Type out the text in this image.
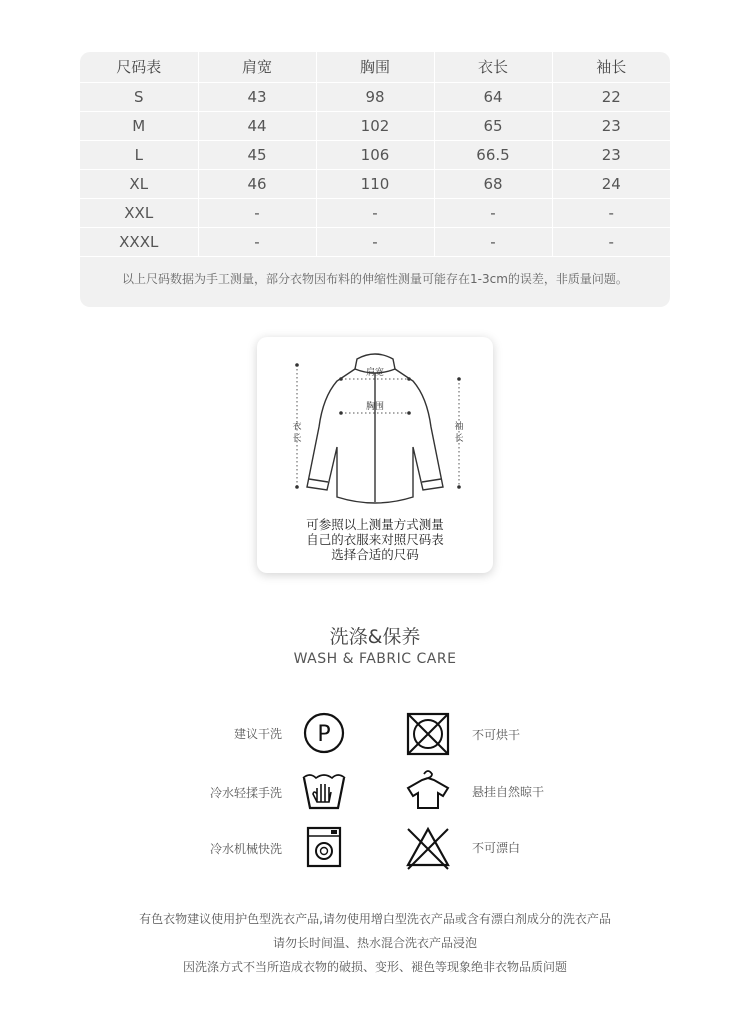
尺码表	肩宽	胸围	衣长	袖长
S	43	98	64	22
M	44	102	65	23
L	45	106	66.5	23
XL	46	110	68	24
XXL	-	-	-	-
XXXL	-	-	-	-
以上尺码数据为手工测量，部分衣物因布料的伸缩性测量可能存在1-3cm的误差，非质量问题。
肩宽
胸围
衣
长
袖
长
可参照以上测量方式测量
自己的衣服来对照尺码表
选择合适的尺码
洗涤&保养
WASH & FABRIC CARE
建议干洗 P	不可烘干
冷水轻揉手洗	悬挂自然晾干
冷水机械快洗	不可漂白
有色衣物建议使用护色型洗衣产品,请勿使用增白型洗衣产品或含有漂白剂成分的洗衣产品
请勿长时间温、热水混合洗衣产品浸泡
因洗涤方式不当所造成衣物的破损、变形、褪色等现象绝非衣物品质问题
